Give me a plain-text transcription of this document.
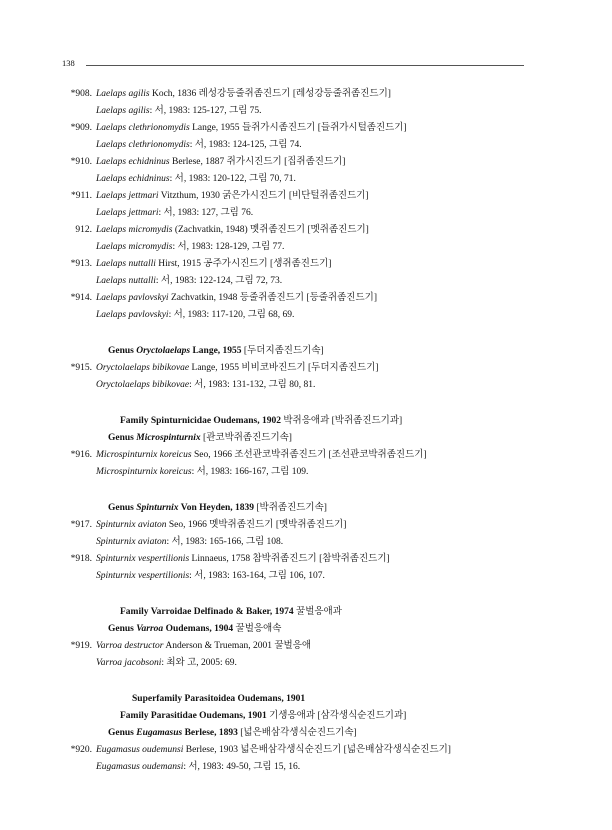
138
*908. Laelaps agilis Koch, 1836 레성강등줄쥐좀진드기 [레성강등줄쥐좀진드기]
Laelaps agilis: 서, 1983: 125-127, 그림 75.
*909. Laelaps clethrionomydis Lange, 1955 들쥐가시좀진드기 [들쥐가시털좀진드기]
Laelaps clethrionomydis: 서, 1983: 124-125, 그림 74.
*910. Laelaps echidninus Berlese, 1887 쥐가시진드기 [집쥐좀진드기]
Laelaps echidninus: 서, 1983: 120-122, 그림 70, 71.
*911. Laelaps jettmari Vitzthum, 1930 굵은가시진드기 [비단털쥐좀진드기]
Laelaps jettmari: 서, 1983: 127, 그림 76.
912. Laelaps micromydis (Zachvatkin, 1948) 멧쥐좀진드기 [멧쥐좀진드기]
Laelaps micromydis: 서, 1983: 128-129, 그림 77.
*913. Laelaps nuttalli Hirst, 1915 공주가시진드기 [생쥐좀진드기]
Laelaps nuttalli: 서, 1983: 122-124, 그림 72, 73.
*914. Laelaps pavlovskyi Zachvatkin, 1948 등줄쥐좀진드기 [등줄쥐좀진드기]
Laelaps pavlovskyi: 서, 1983: 117-120, 그림 68, 69.
Genus Oryctolaelaps Lange, 1955 [두더지좀진드기속]
*915. Oryctolaelaps bibikovae Lange, 1955 비비코바진드기 [두더지좀진드기]
Oryctolaelaps bibikovae: 서, 1983: 131-132, 그림 80, 81.
Family Spinturnicidae Oudemans, 1902 박쥐응애과 [박쥐좀진드기과]
Genus Microspinturnix [관코박쥐좀진드기속]
*916. Microspinturnix koreicus Seo, 1966 조선관코박쥐좀진드기 [조선관코박쥐좀진드기]
Microspinturnix koreicus: 서, 1983: 166-167, 그림 109.
Genus Spinturnix Von Heyden, 1839 [박쥐좀진드기속]
*917. Spinturnix aviaton Seo, 1966 멧박쥐좀진드기 [멧박쥐좀진드기]
Spinturnix aviaton: 서, 1983: 165-166, 그림 108.
*918. Spinturnix vespertilionis Linnaeus, 1758 참박쥐좀진드기 [참박쥐좀진드기]
Spinturnix vespertilionis: 서, 1983: 163-164, 그림 106, 107.
Family Varroidae Delfinado & Baker, 1974 꿀벌응애과
Genus Varroa Oudemans, 1904 꿀벌응애속
*919. Varroa destructor Anderson & Trueman, 2001 꿀벌응애
Varroa jacobsoni: 최와 고, 2005: 69.
Superfamily Parasitoidea Oudemans, 1901
Family Parasitidae Oudemans, 1901 기생응애과 [삼각생식순진드기과]
Genus Eugamasus Berlese, 1893 [넓은배삼각생식순진드기속]
*920. Eugamasus oudemunsi Berlese, 1903 넓은배삼각생식순진드기 [넓은배삼각생식순진드기]
Eugamasus oudemansi: 서, 1983: 49-50, 그림 15, 16.
